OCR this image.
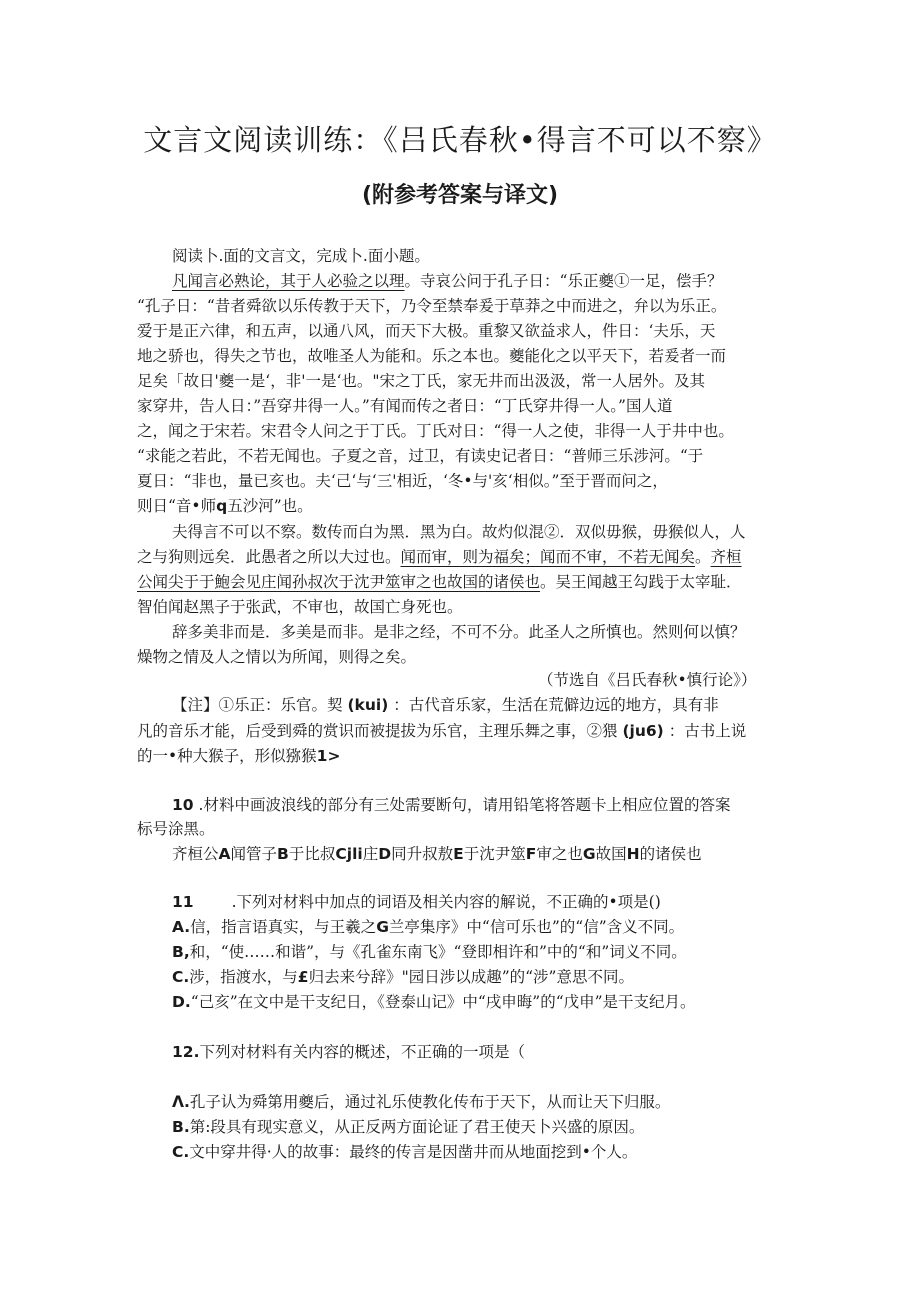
文言文阅读训练：《吕氏春秋•得言不可以不察》
(附参考答案与译文)
阅读卜.面的文言文，完成卜.面小题。
凡闻言必熟论，其于人必验之以理。寺哀公问于孔子日：“乐正夔①一足，偿手？
“孔子日：“昔者舜欲以乐传教于天下，乃令至禁奉爰于草莽之中而进之，弁以为乐正。
爱于是正六律，和五声，以通八风，而天下大极。重黎又欲益求人，件日：‘夫乐，天
地之骄也，得失之节也，故唯圣人为能和。乐之本也。夔能化之以平天下，若爰者一而
足矣「故日'夔一是‘，非'一是‘也。"宋之丁氏，家无井而出汲汲，常一人居外。及其
家穿井，告人日：”吾穿井得一人。”有闻而传之者日：“丁氏穿井得一人。”国人道
之，闻之于宋若。宋君令人问之于丁氏。丁氏对日：“得一人之使，非得一人于井中也。
“求能之若此，不若无闻也。子夏之音，过卫，有读史记者日：“普师三乐涉河。“于
夏日：“非也，量已亥也。夫‘己‘与‘三'相近，‘冬•与'亥‘相似。”至于晋而问之，
则日“音•师q五沙河”也。
夫得言不可以不察。数传而白为黑．黑为白。故灼似混②．双似毋猴，毋猴似人，人
之与狗则远矣．此愚者之所以大过也。闻而审，则为福矣；闻而不审，不若无闻矣。齐桓
公闻尖于于鮑会见庄闻孙叔次于沈尹筮审之也故国的诸侯也。吴王闻越王勾践于太宰耻．
智伯闻赵黑子于张武，不审也，故国亡身死也。
辞多美非而是．多美是而非。是非之经，不可不分。此圣人之所慎也。然则何以慎？
燥物之情及人之情以为所闻，则得之矣。
（节选自《吕氏春秋•慎行论》）
【注】①乐正：乐官。契 (kui) ：古代音乐家，生活在荒僻边远的地方，具有非
凡的音乐才能，后受到舜的赏识而被提拔为乐官，主理乐舞之事，②猥 (ju6) ：古书上说
的一•种大猴子，形似猕猴1>
10 .材料中画波浪线的部分有三处需要断句，请用铅笔将答题卡上相应位置的答案
标号涂黑。
齐桓公A闻管子B于比叔Cjli庄D同升叔敖E于沈尹筮F审之也G故国H的诸侯也
11 .下列对材料中加点的词语及相关内容的解说，不正确的•项是()
A.信，指言语真实，与王羲之G兰亭集序》中“信可乐也”的“信”含义不同。
B,和，“使……和谐”，与《孔雀东南飞》“登即相许和”中的“和”词义不同。
C.涉，指渡水，与£归去来兮辞》"园日涉以成趣”的“涉”意思不同。
D.“己亥”在文中是干支纪日，《登泰山记》中“戌申晦”的“戊申”是干支纪月。
12.下列对材料有关内容的概述，不正确的一项是（
Λ.孔子认为舜第用夔后，通过礼乐使教化传布于天下，从而让天下归服。
B.第:段具有现实意义，从正反两方面论证了君王使天卜兴盛的原因。
C.文中穿井得·人的故事：最终的传言是因凿井而从地面挖到•个人。
